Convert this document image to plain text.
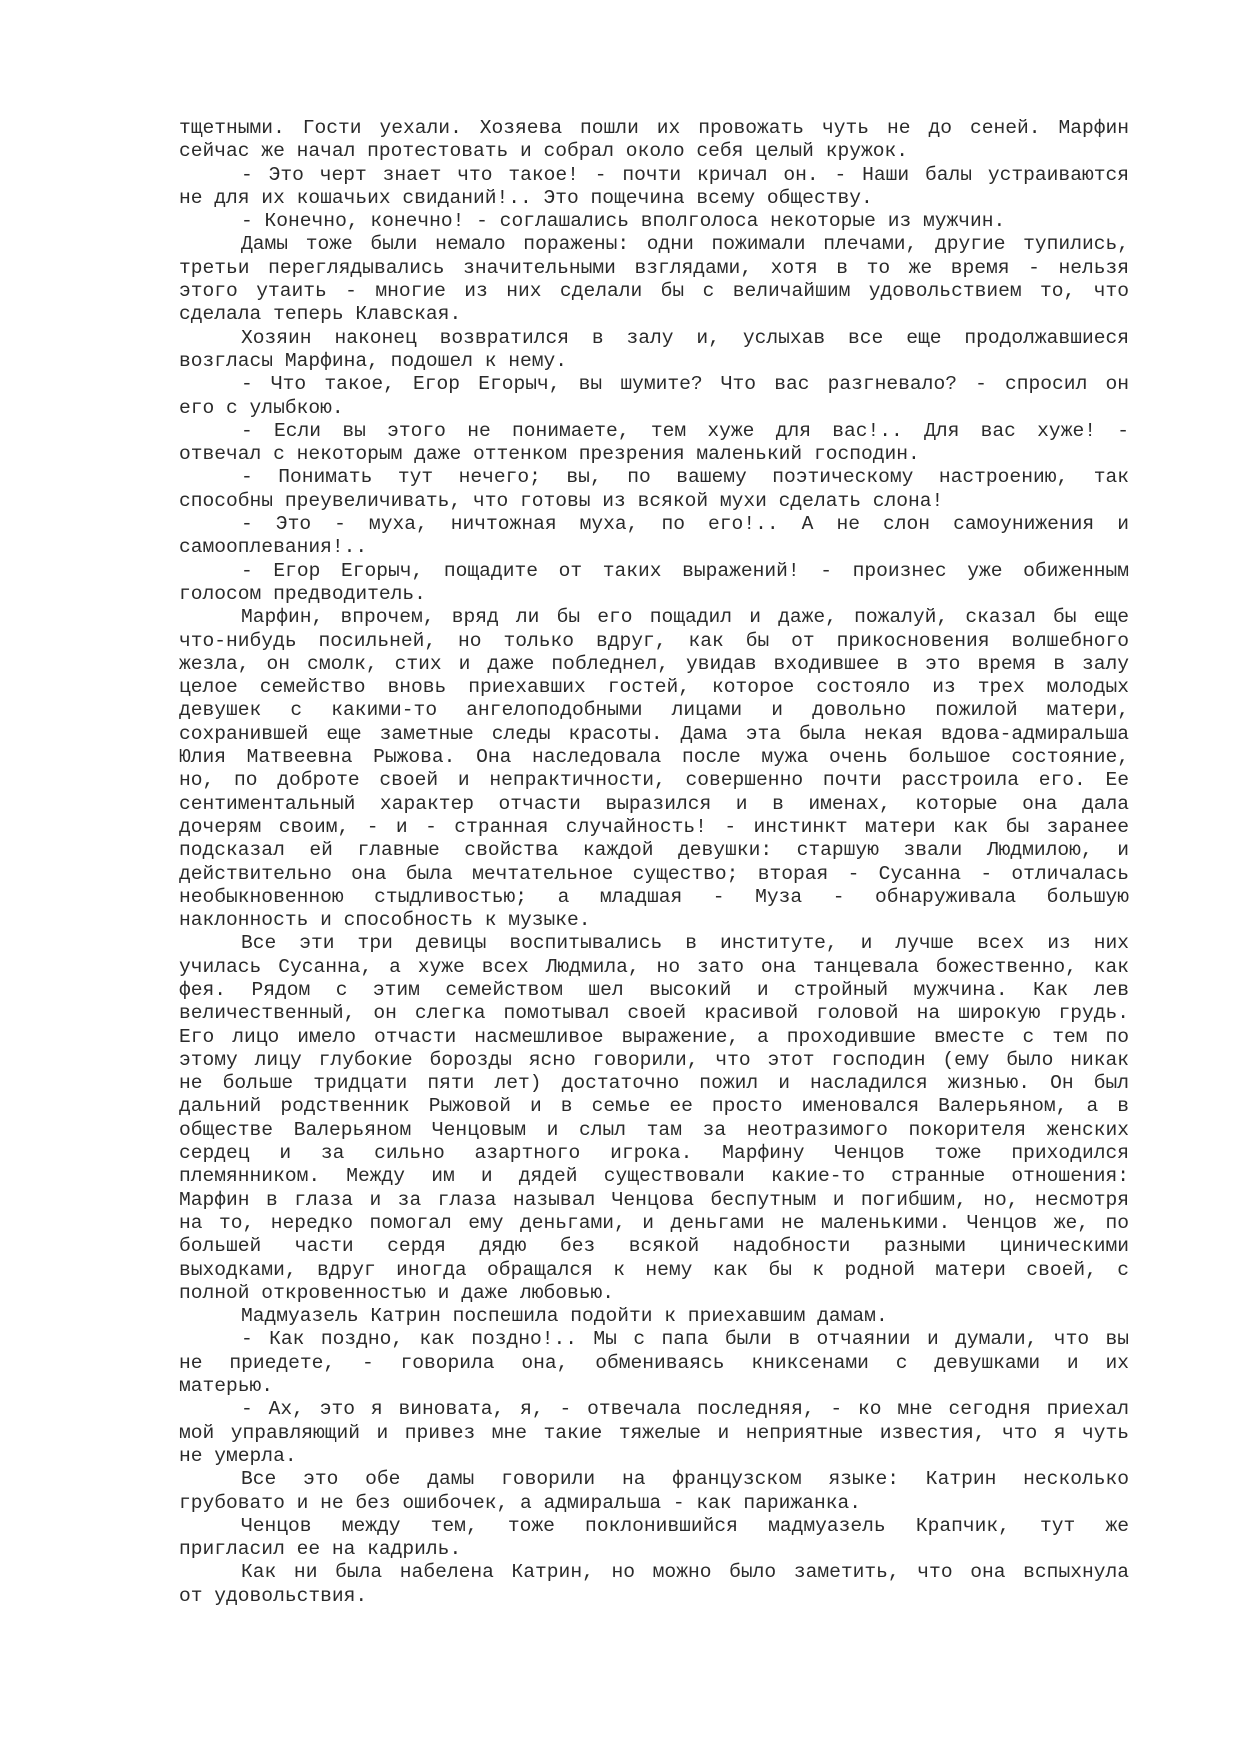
тщетными. Гости уехали. Хозяева пошли их провожать чуть не до сеней. Марфин
сейчас же начал протестовать и собрал около себя целый кружок.
- Это черт знает что такое! - почти кричал он. - Наши балы устраиваются
не для их кошачьих свиданий!.. Это пощечина всему обществу.
- Конечно, конечно! - соглашались вполголоса некоторые из мужчин.
Дамы тоже были немало поражены: одни пожимали плечами, другие тупились,
третьи переглядывались значительными взглядами, хотя в то же время - нельзя
этого утаить - многие из них сделали бы с величайшим удовольствием то, что
сделала теперь Клавская.
Хозяин наконец возвратился в залу и, услыхав все еще продолжавшиеся
возгласы Марфина, подошел к нему.
- Что такое, Егор Егорыч, вы шумите? Что вас разгневало? - спросил он
его с улыбкою.
- Если вы этого не понимаете, тем хуже для вас!.. Для вас хуже! -
отвечал с некоторым даже оттенком презрения маленький господин.
- Понимать тут нечего; вы, по вашему поэтическому настроению, так
способны преувеличивать, что готовы из всякой мухи сделать слона!
- Это - муха, ничтожная муха, по его!.. А не слон самоунижения и
самооплевания!..
- Егор Егорыч, пощадите от таких выражений! - произнес уже обиженным
голосом предводитель.
Марфин, впрочем, вряд ли бы его пощадил и даже, пожалуй, сказал бы еще
что-нибудь посильней, но только вдруг, как бы от прикосновения волшебного
жезла, он смолк, стих и даже побледнел, увидав входившее в это время в залу
целое семейство вновь приехавших гостей, которое состояло из трех молодых
девушек с какими-то ангелоподобными лицами и довольно пожилой матери,
сохранившей еще заметные следы красоты. Дама эта была некая вдова-адмиральша
Юлия Матвеевна Рыжова. Она наследовала после мужа очень большое состояние,
но, по доброте своей и непрактичности, совершенно почти расстроила его. Ее
сентиментальный характер отчасти выразился и в именах, которые она дала
дочерям своим, - и - странная случайность! - инстинкт матери как бы заранее
подсказал ей главные свойства каждой девушки: старшую звали Людмилою, и
действительно она была мечтательное существо; вторая - Сусанна - отличалась
необыкновенною стыдливостью; а младшая - Муза - обнаруживала большую
наклонность и способность к музыке.
Все эти три девицы воспитывались в институте, и лучше всех из них
училась Сусанна, а хуже всех Людмила, но зато она танцевала божественно, как
фея. Рядом с этим семейством шел высокий и стройный мужчина. Как лев
величественный, он слегка помотывал своей красивой головой на широкую грудь.
Его лицо имело отчасти насмешливое выражение, а проходившие вместе с тем по
этому лицу глубокие борозды ясно говорили, что этот господин (ему было никак
не больше тридцати пяти лет) достаточно пожил и насладился жизнью. Он был
дальний родственник Рыжовой и в семье ее просто именовался Валерьяном, а в
обществе Валерьяном Ченцовым и слыл там за неотразимого покорителя женских
сердец и за сильно азартного игрока. Марфину Ченцов тоже приходился
племянником. Между им и дядей существовали какие-то странные отношения:
Марфин в глаза и за глаза называл Ченцова беспутным и погибшим, но, несмотря
на то, нередко помогал ему деньгами, и деньгами не маленькими. Ченцов же, по
большей части сердя дядю без всякой надобности разными циническими
выходками, вдруг иногда обращался к нему как бы к родной матери своей, с
полной откровенностью и даже любовью.
Мадмуазель Катрин поспешила подойти к приехавшим дамам.
- Как поздно, как поздно!.. Мы с папа были в отчаянии и думали, что вы
не приедете, - говорила она, обмениваясь книксенами с девушками и их
матерью.
- Ах, это я виновата, я, - отвечала последняя, - ко мне сегодня приехал
мой управляющий и привез мне такие тяжелые и неприятные известия, что я чуть
не умерла.
Все это обе дамы говорили на французском языке: Катрин несколько
грубовато и не без ошибочек, а адмиральша - как парижанка.
Ченцов между тем, тоже поклонившийся мадмуазель Крапчик, тут же
пригласил ее на кадриль.
Как ни была набелена Катрин, но можно было заметить, что она вспыхнула
от удовольствия.
